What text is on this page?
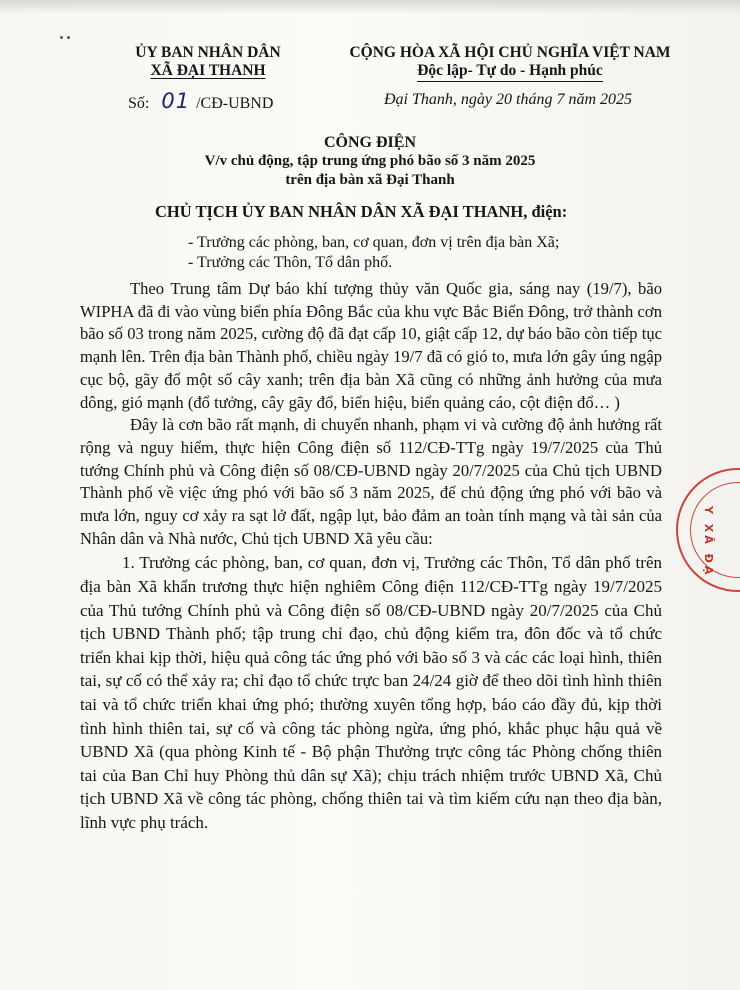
ỦY BAN NHÂN DÂN
XÃ ĐẠI THANH
CỘNG HÒA XÃ HỘI CHỦ NGHĨA VIỆT NAM
Độc lập- Tự do - Hạnh phúc
Số: 01 /CĐ-UBND	Đại Thanh, ngày 20 tháng 7 năm 2025
CÔNG ĐIỆN
V/v chủ động, tập trung ứng phó bão số 3 năm 2025
trên địa bàn xã Đại Thanh
CHỦ TỊCH ỦY BAN NHÂN DÂN XÃ ĐẠI THANH, điện:
- Trưởng các phòng, ban, cơ quan, đơn vị trên địa bàn Xã;
- Trưởng các Thôn, Tổ dân phố.

Theo Trung tâm Dự báo khí tượng thủy văn Quốc gia, sáng nay (19/7), bão WIPHA đã đi vào vùng biển phía Đông Bắc của khu vực Bắc Biển Đông, trở thành cơn bão số 03 trong năm 2025, cường độ đã đạt cấp 10, giật cấp 12, dự báo bão còn tiếp tục mạnh lên. Trên địa bàn Thành phố, chiều ngày 19/7 đã có gió to, mưa lớn gây úng ngập cục bộ, gãy đổ một số cây xanh; trên địa bàn Xã cũng có những ảnh hưởng của mưa dông, gió mạnh (đổ tưởng, cây gãy đổ, biển hiệu, biển quảng cáo, cột điện đổ… )

Đây là cơn bão rất mạnh, di chuyển nhanh, phạm vi và cường độ ảnh hưởng rất rộng và nguy hiểm, thực hiện Công điện số 112/CĐ-TTg ngày 19/7/2025 của Thủ tướng Chính phủ và Công điện số 08/CĐ-UBND ngày 20/7/2025 của Chủ tịch UBND Thành phố về việc ứng phó với bão số 3 năm 2025, để chủ động ứng phó với bão và mưa lớn, nguy cơ xảy ra sạt lở đất, ngập lụt, bảo đảm an toàn tính mạng và tài sản của Nhân dân và Nhà nước, Chủ tịch UBND Xã yêu cầu:

1. Trưởng các phòng, ban, cơ quan, đơn vị, Trưởng các Thôn, Tổ dân phố trên địa bàn Xã khẩn trương thực hiện nghiêm Công điện 112/CĐ-TTg ngày 19/7/2025 của Thủ tướng Chính phủ và Công điện số 08/CĐ-UBND ngày 20/7/2025 của Chủ tịch UBND Thành phố; tập trung chỉ đạo, chủ động kiểm tra, đôn đốc và tổ chức triển khai kịp thời, hiệu quả công tác ứng phó với bão số 3 và các các loại hình, thiên tai, sự cố có thể xảy ra; chỉ đạo tổ chức trực ban 24/24 giờ để theo dõi tình hình thiên tai và tổ chức triển khai ứng phó; thường xuyên tổng hợp, báo cáo đầy đủ, kịp thời tình hình thiên tai, sự cố và công tác phòng ngừa, ứng phó, khắc phục hậu quả về UBND Xã (qua phòng Kinh tế - Bộ phận Thưởng trực công tác Phòng chống thiên tai của Ban Chỉ huy Phòng thủ dân sự Xã); chịu trách nhiệm trước UBND Xã, Chủ tịch UBND Xã về công tác phòng, chống thiên tai và tìm kiếm cứu nạn theo địa bàn, lĩnh vực phụ trách.

Y XÃ ĐẠ
